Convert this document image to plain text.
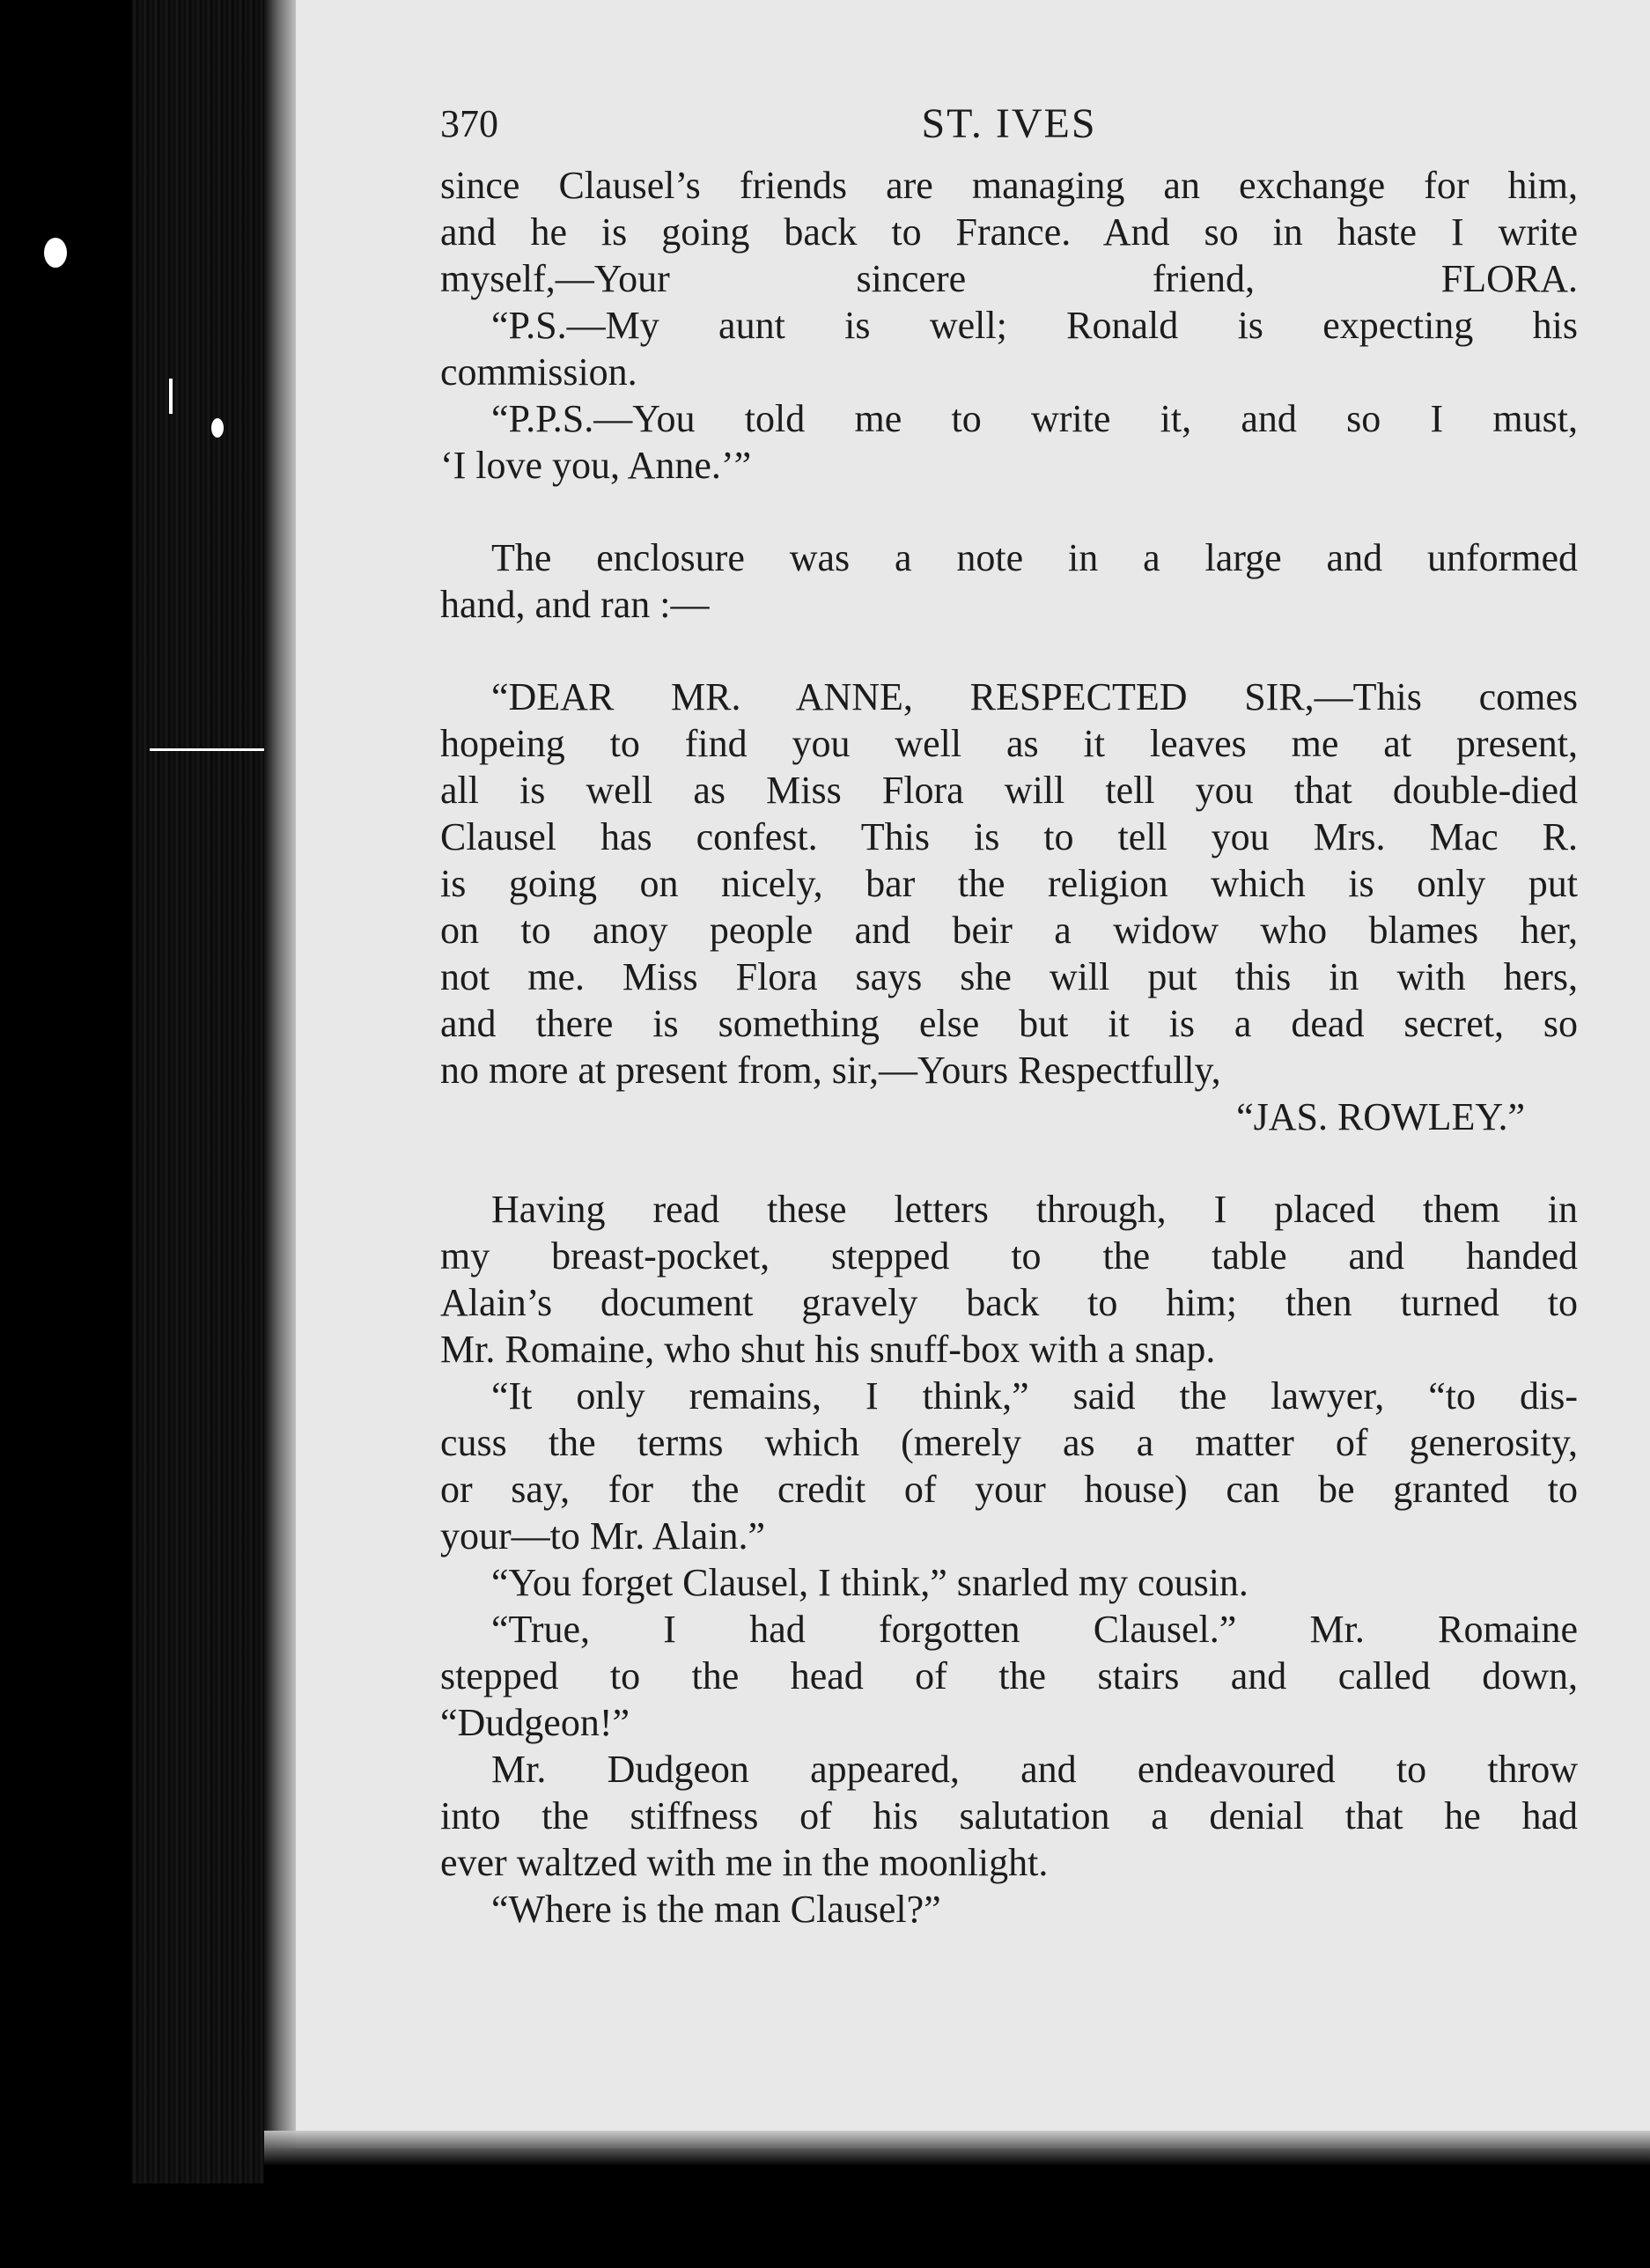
370	ST. IVES
since Clausel’s friends are managing an exchange for him,
and he is going back to France. And so in haste I write
myself,—Your sincere friend, FLORA.
“P.S.—My aunt is well; Ronald is expecting his
commission.
“P.P.S.—You told me to write it, and so I must,
‘I love you, Anne.’”
The enclosure was a note in a large and unformed
hand, and ran :—
“DEAR MR. ANNE, RESPECTED SIR,—This comes
hopeing to find you well as it leaves me at present,
all is well as Miss Flora will tell you that double-died
Clausel has confest. This is to tell you Mrs. Mac R.
is going on nicely, bar the religion which is only put
on to anoy people and beir a widow who blames her,
not me. Miss Flora says she will put this in with hers,
and there is something else but it is a dead secret, so
no more at present from, sir,—Yours Respectfully,
“JAS. ROWLEY.”
Having read these letters through, I placed them in
my breast-pocket, stepped to the table and handed
Alain’s document gravely back to him; then turned to
Mr. Romaine, who shut his snuff-box with a snap.
“It only remains, I think,” said the lawyer, “to dis-
cuss the terms which (merely as a matter of generosity,
or say, for the credit of your house) can be granted to
your—to Mr. Alain.”
“You forget Clausel, I think,” snarled my cousin.
“True, I had forgotten Clausel.” Mr. Romaine
stepped to the head of the stairs and called down,
“Dudgeon!”
Mr. Dudgeon appeared, and endeavoured to throw
into the stiffness of his salutation a denial that he had
ever waltzed with me in the moonlight.
“Where is the man Clausel?”
